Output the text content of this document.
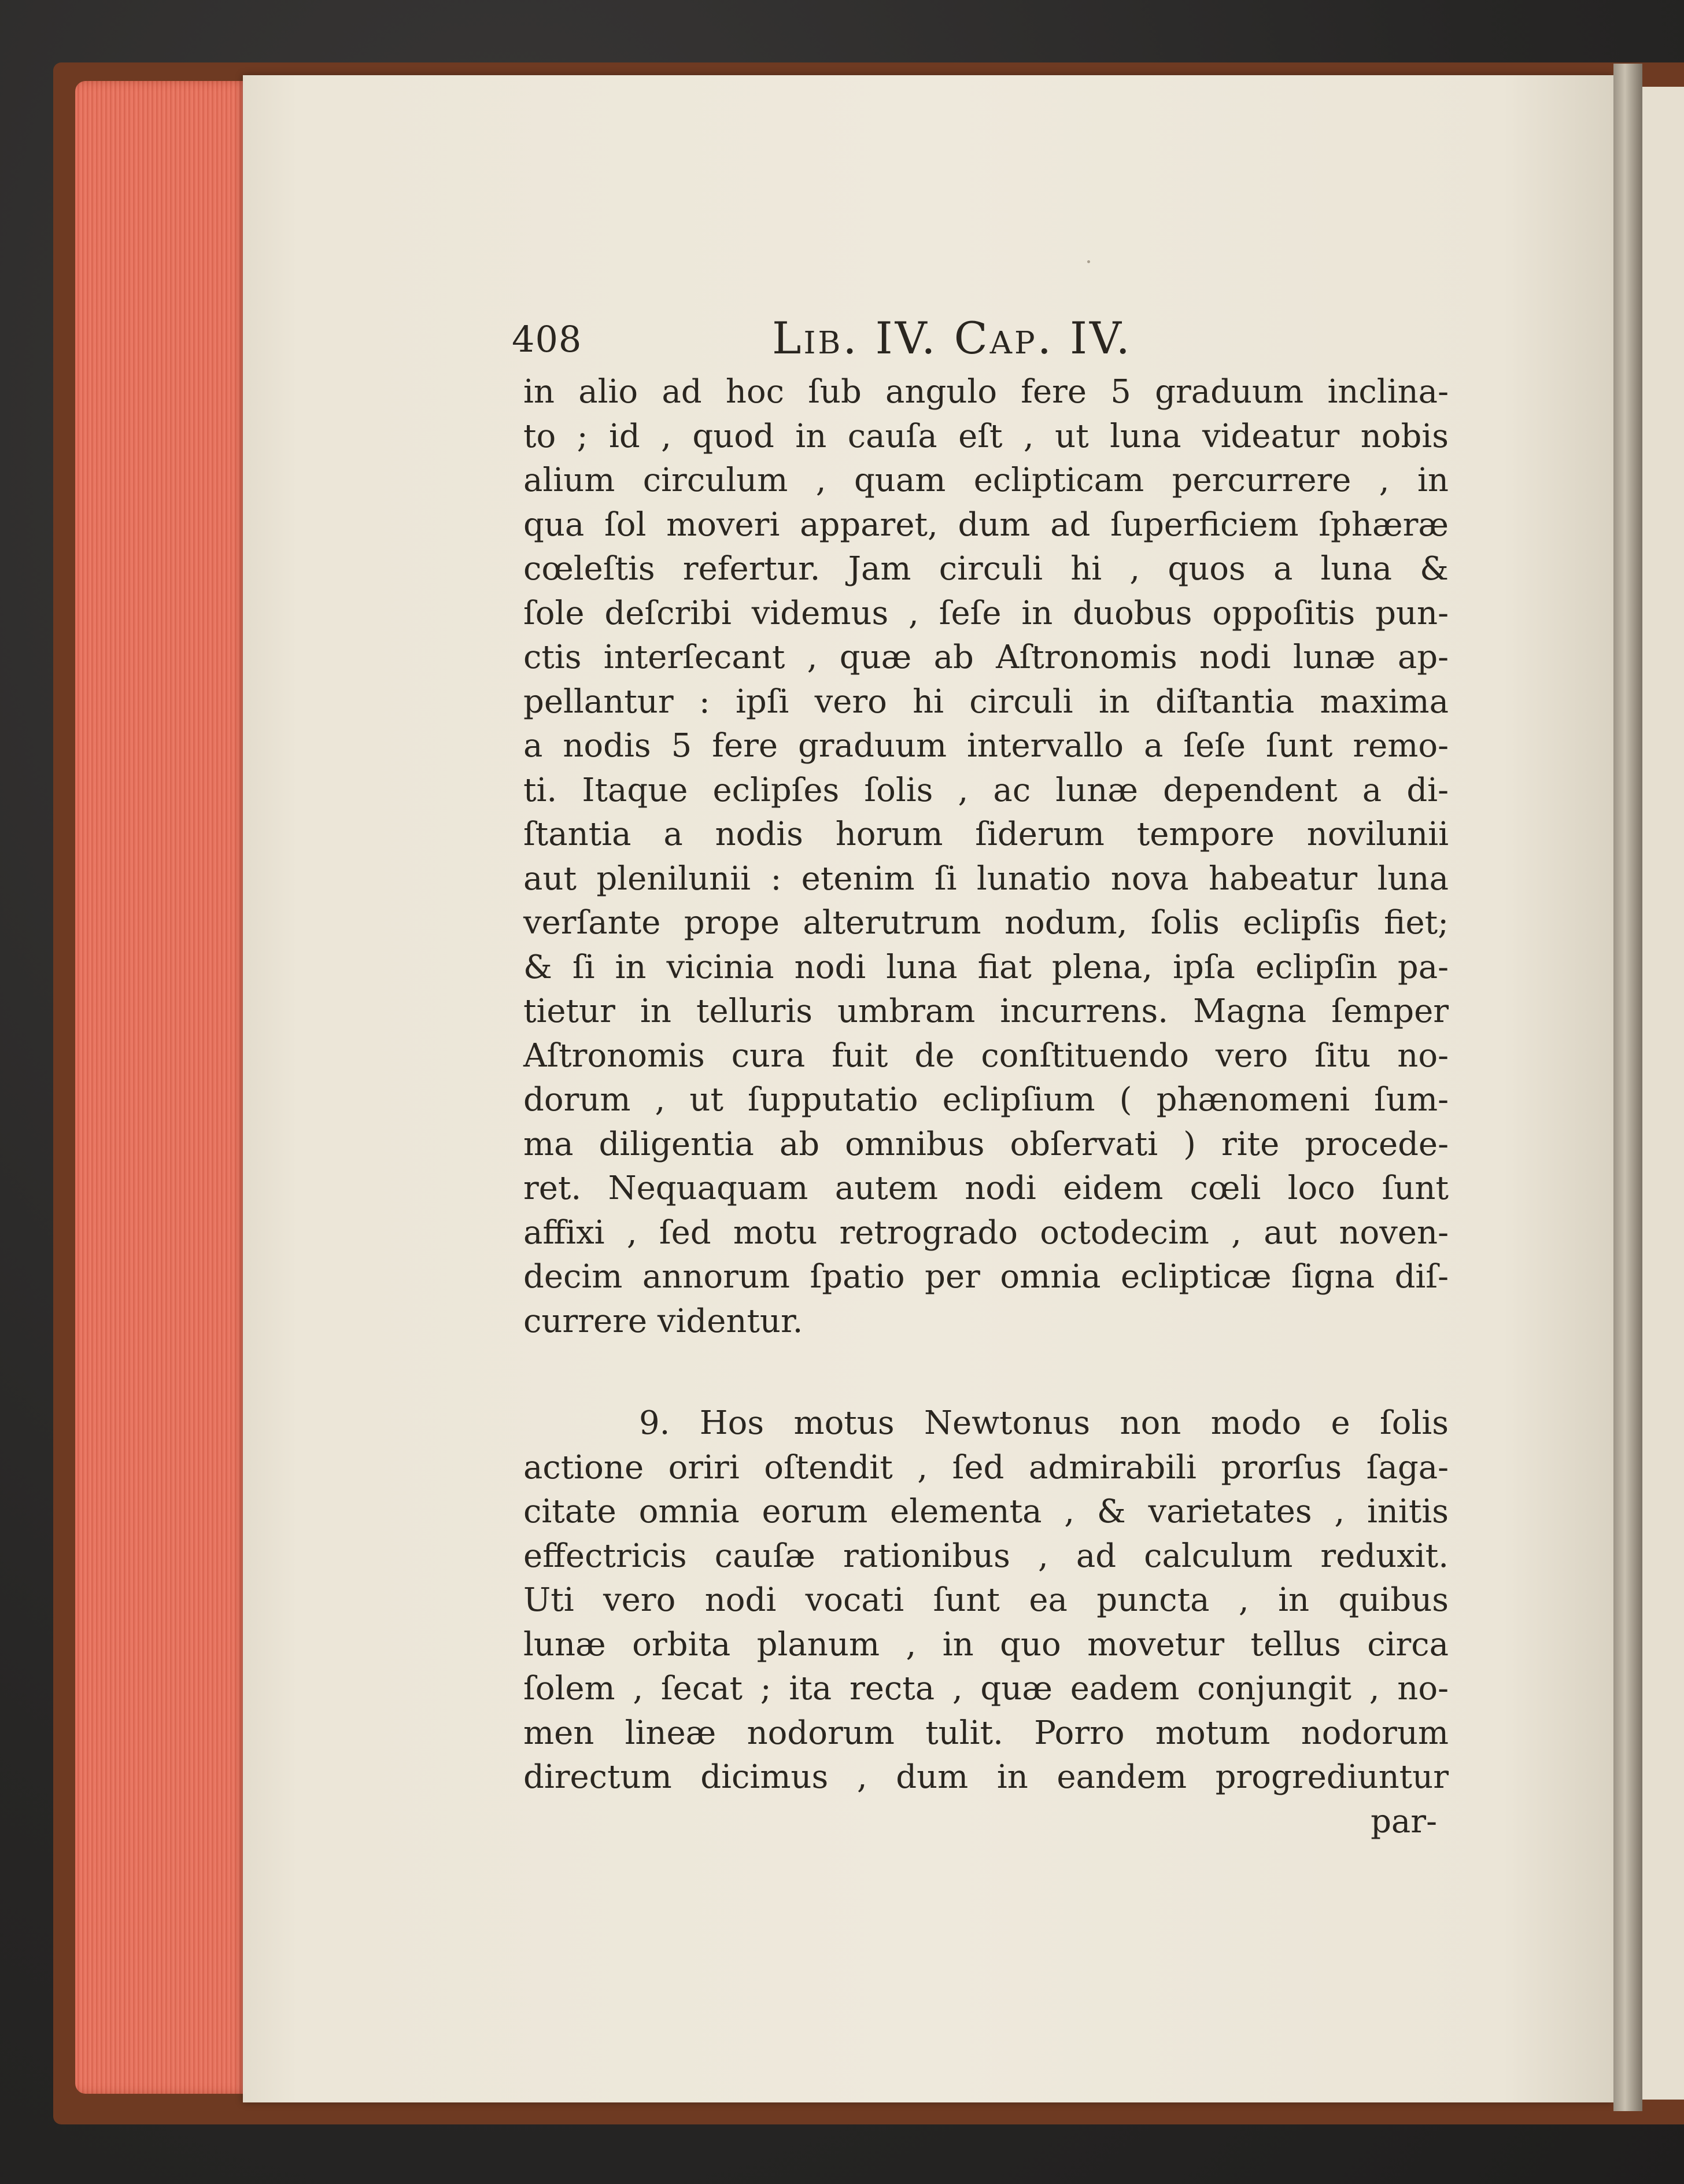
408	Lib. IV. Cap. IV.
in alio ad hoc ſub angulo fere 5 graduum inclina-
to ; id , quod in cauſa eſt , ut luna videatur nobis
alium circulum , quam eclipticam percurrere , in
qua ſol moveri apparet, dum ad ſuperficiem ſphæræ
cœleſtis refertur. Jam circuli hi , quos a luna &
ſole deſcribi videmus , ſeſe in duobus oppoſitis pun-
ctis interſecant , quæ ab Aſtronomis nodi lunæ ap-
pellantur : ipſi vero hi circuli in diſtantia maxima
a nodis 5 fere graduum intervallo a ſeſe ſunt remo-
ti. Itaque eclipſes ſolis , ac lunæ dependent a di-
ſtantia a nodis horum ſiderum tempore novilunii
aut plenilunii : etenim ſi lunatio nova habeatur luna
verſante prope alterutrum nodum, ſolis eclipſis fiet;
& ſi in vicinia nodi luna fiat plena, ipſa eclipſin pa-
tietur in telluris umbram incurrens. Magna ſemper
Aſtronomis cura fuit de conſtituendo vero ſitu no-
dorum , ut ſupputatio eclipſium ( phænomeni ſum-
ma diligentia ab omnibus obſervati ) rite procede-
ret. Nequaquam autem nodi eidem cœli loco ſunt
affixi , ſed motu retrogrado octodecim , aut noven-
decim annorum ſpatio per omnia eclipticæ ſigna diſ-
currere videntur.
9. Hos motus Newtonus non modo e ſolis
actione oriri oſtendit , ſed admirabili prorſus ſaga-
citate omnia eorum elementa , & varietates , initis
effectricis cauſæ rationibus , ad calculum reduxit.
Uti vero nodi vocati ſunt ea puncta , in quibus
lunæ orbita planum , in quo movetur tellus circa
ſolem , ſecat ; ita recta , quæ eadem conjungit , no-
men lineæ nodorum tulit. Porro motum nodorum
directum dicimus , dum in eandem progrediuntur
par-
